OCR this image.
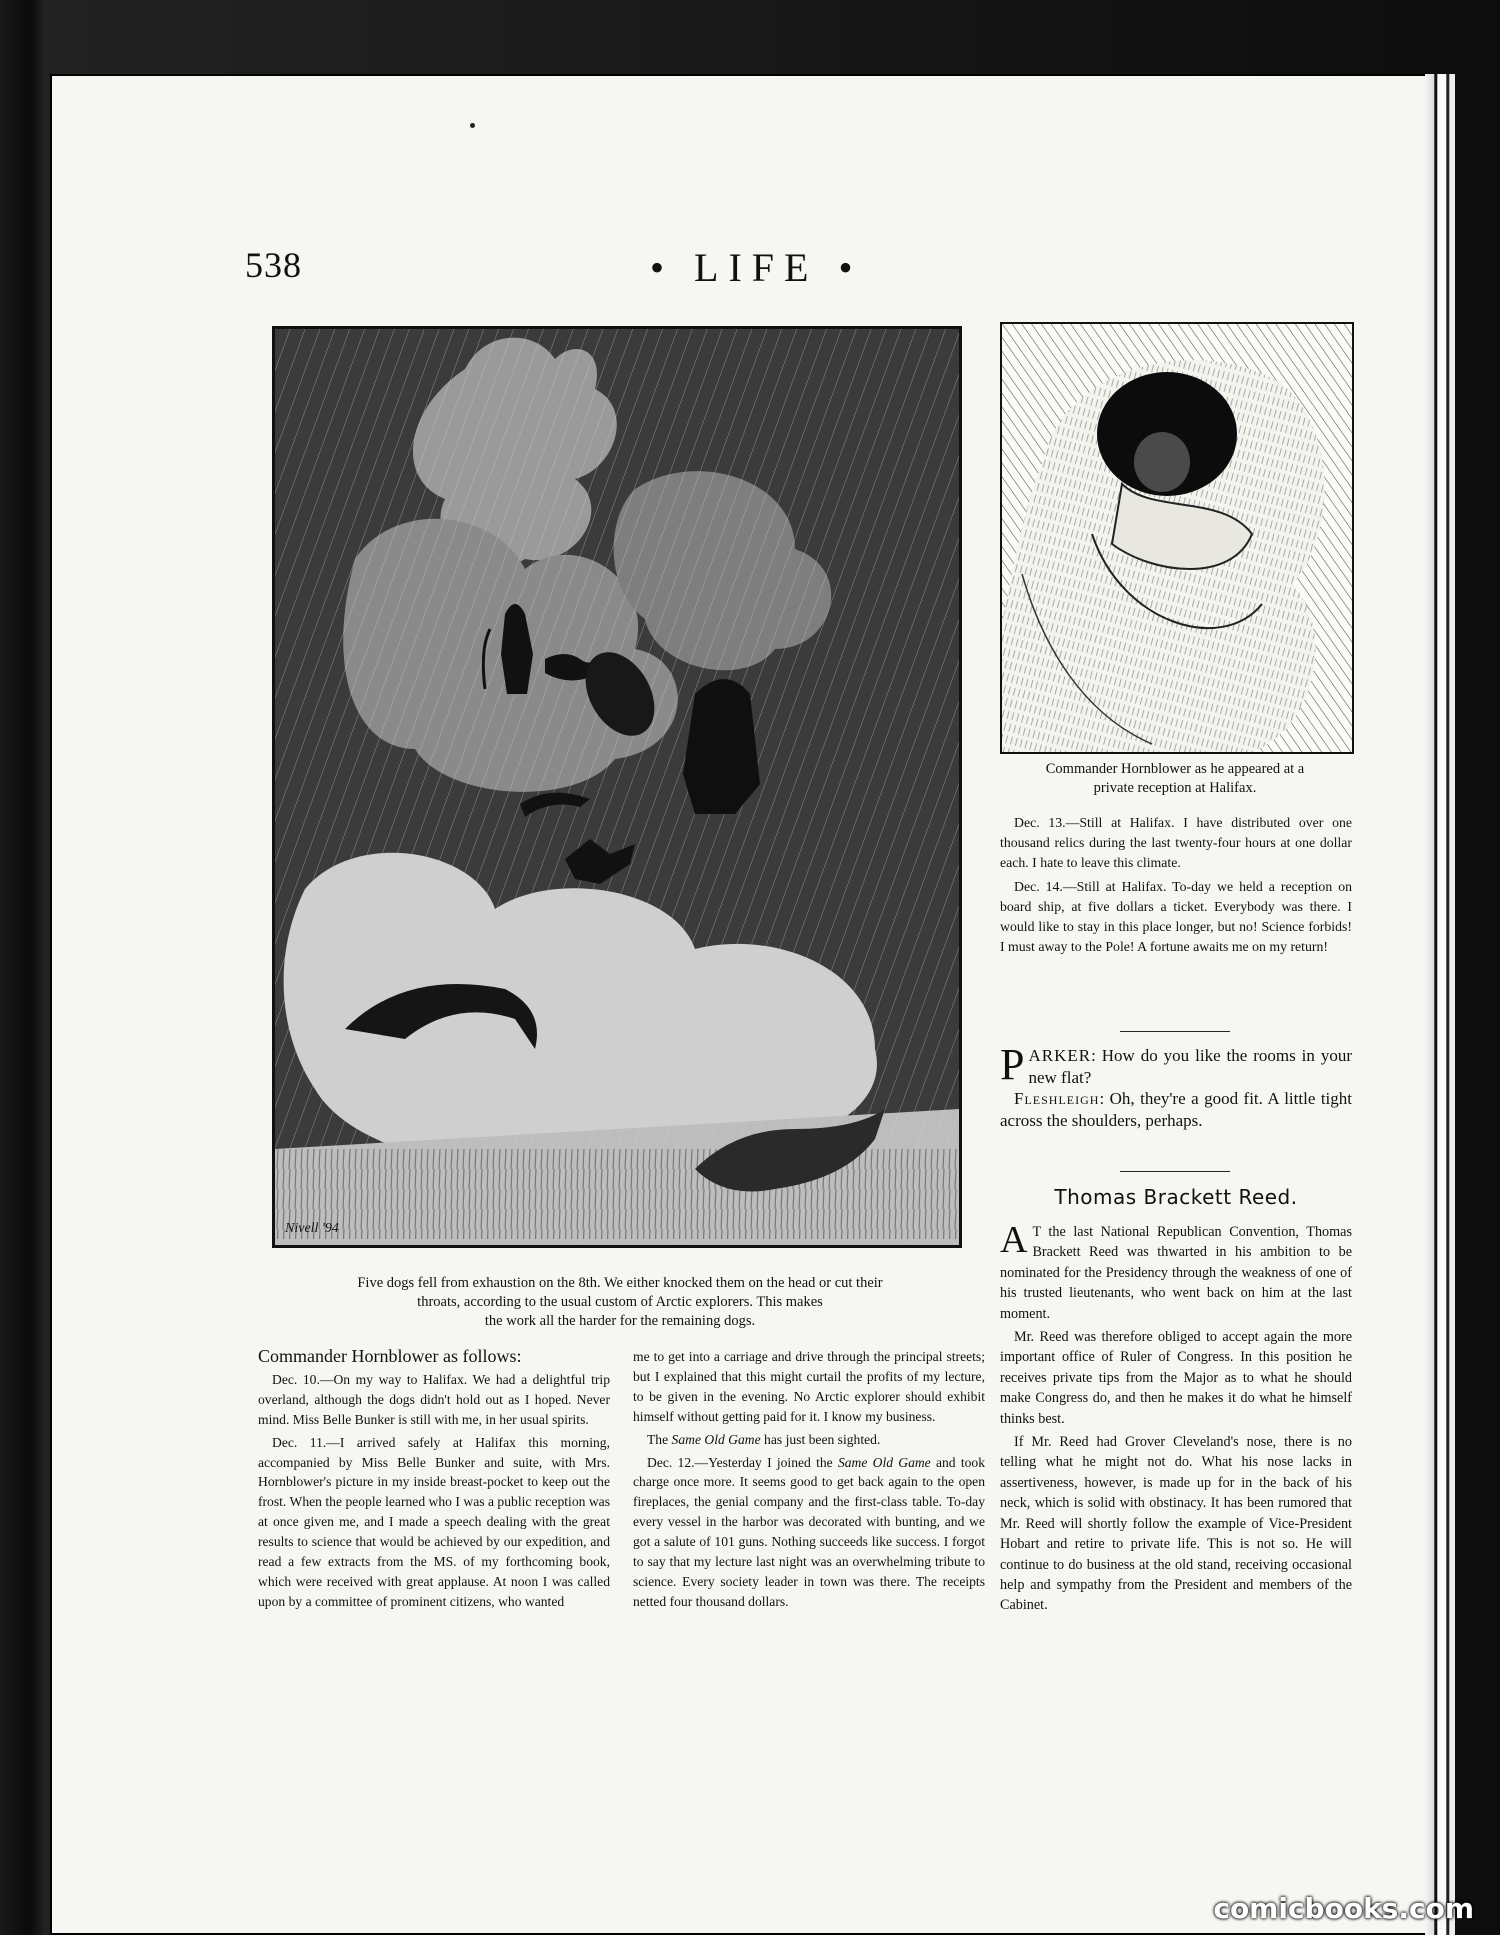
538	• LIFE •
Nivell '94
Five dogs fell from exhaustion on the 8th. We either knocked them on the head or cut their
throats, according to the usual custom of Arctic explorers. This makes
the work all the harder for the remaining dogs.

Commander Hornblower as follows:

Dec. 10.—On my way to Halifax. We had a delightful trip overland, although the dogs didn't hold out as I hoped. Never mind. Miss Belle Bunker is still with me, in her usual spirits.

Dec. 11.—I arrived safely at Halifax this morning, accompanied by Miss Belle Bunker and suite, with Mrs. Hornblower's picture in my inside breast-pocket to keep out the frost. When the people learned who I was a public reception was at once given me, and I made a speech dealing with the great results to science that would be achieved by our expedition, and read a few extracts from the MS. of my forthcoming book, which were received with great applause. At noon I was called upon by a committee of prominent citizens, who wanted

me to get into a carriage and drive through the principal streets; but I explained that this might curtail the profits of my lecture, to be given in the evening. No Arctic explorer should exhibit himself without getting paid for it. I know my business.

The Same Old Game has just been sighted.

Dec. 12.—Yesterday I joined the Same Old Game and took charge once more. It seems good to get back again to the open fireplaces, the genial company and the first-class table. To-day every vessel in the harbor was decorated with bunting, and we got a salute of 101 guns. Nothing succeeds like success. I forgot to say that my lecture last night was an overwhelming tribute to science. Every society leader in town was there. The receipts netted four thousand dollars.

Commander Hornblower as he appeared at a
private reception at Halifax.

Dec. 13.—Still at Halifax. I have distributed over one thousand relics during the last twenty-four hours at one dollar each. I hate to leave this climate.

Dec. 14.—Still at Halifax. To-day we held a reception on board ship, at five dollars a ticket. Everybody was there. I would like to stay in this place longer, but no! Science forbids! I must away to the Pole! A fortune awaits me on my return!

PARKER: How do you like the rooms in your new flat?

Fleshleigh: Oh, they're a good fit. A little tight across the shoulders, perhaps.

Thomas Brackett Reed.

A T the last National Republican Convention, Thomas Brackett Reed was thwarted in his ambition to be nominated for the Presidency through the weakness of one of his trusted lieutenants, who went back on him at the last moment.

Mr. Reed was therefore obliged to accept again the more important office of Ruler of Congress. In this position he receives private tips from the Major as to what he should make Congress do, and then he makes it do what he himself thinks best.

If Mr. Reed had Grover Cleveland's nose, there is no telling what he might not do. What his nose lacks in assertiveness, however, is made up for in the back of his neck, which is solid with obstinacy. It has been rumored that Mr. Reed will shortly follow the example of Vice-President Hobart and retire to private life. This is not so. He will continue to do business at the old stand, receiving occasional help and sympathy from the President and members of the Cabinet.

comicbooks.com
